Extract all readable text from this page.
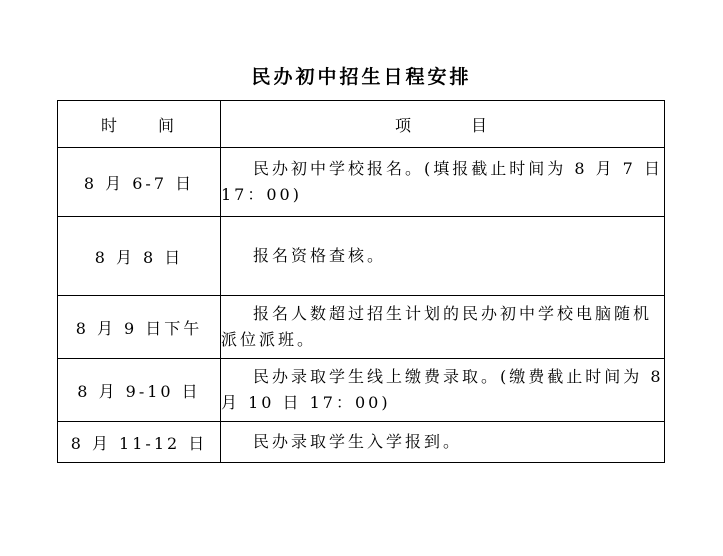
民办初中招生日程安排
时　　间	项　　　目
8 月 6-7 日	民办初中学校报名。(填报截止时间为 8 月 7 日 17：00)
8 月 8 日	报名资格查核。
8 月 9 日下午	报名人数超过招生计划的民办初中学校电脑随机派位派班。
8 月 9-10 日	民办录取学生线上缴费录取。(缴费截止时间为 8 月 10 日 17：00)
8 月 11-12 日	民办录取学生入学报到。
